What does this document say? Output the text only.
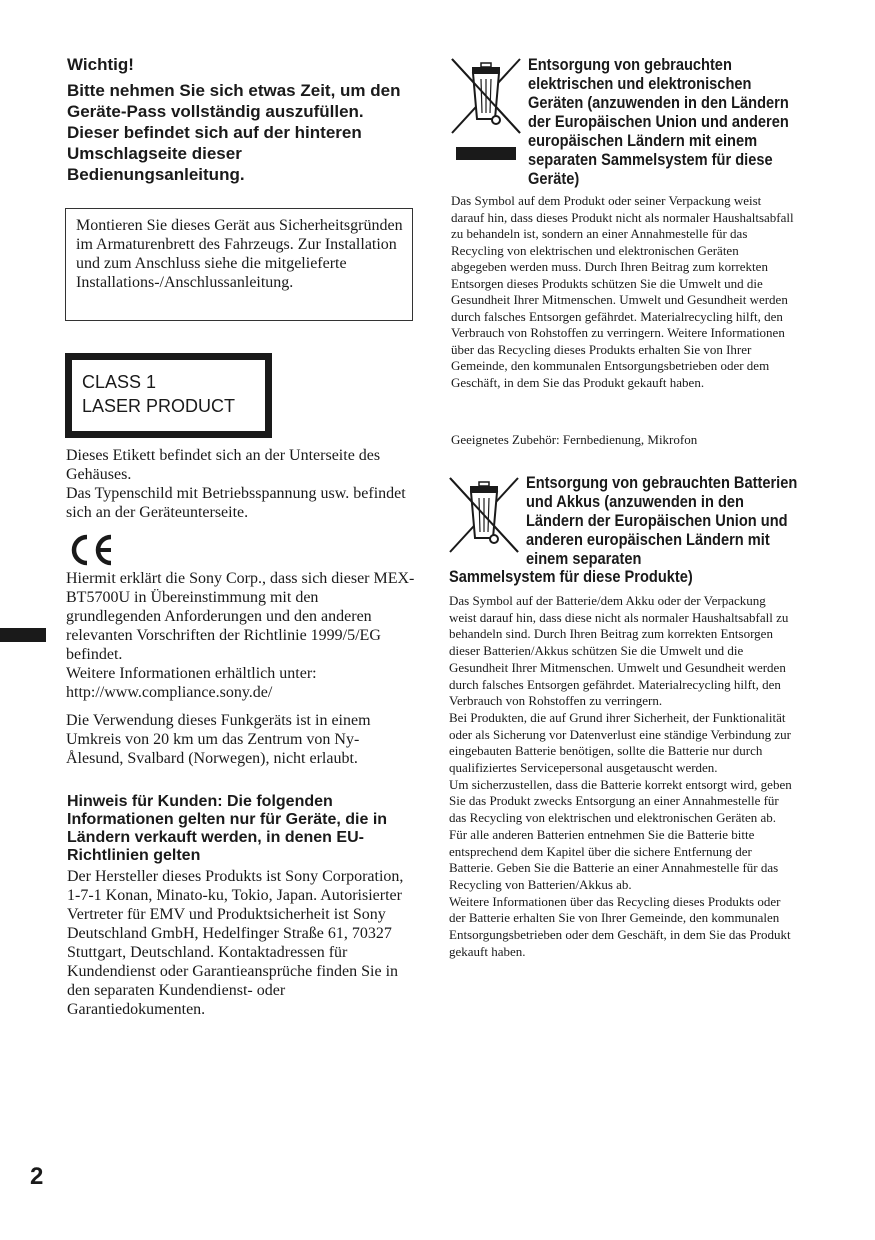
Wichtig!
Bitte nehmen Sie sich etwas Zeit, um den Geräte-Pass vollständig auszufüllen. Dieser befindet sich auf der hinteren Umschlagseite dieser Bedienungsanleitung.
Montieren Sie dieses Gerät aus Sicherheitsgründen im Armaturenbrett des Fahrzeugs. Zur Installation und zum Anschluss siehe die mitgelieferte Installations-/Anschlussanleitung.
CLASS 1
LASER PRODUCT

Dieses Etikett befindet sich an der Unterseite des Gehäuses.

Das Typenschild mit Betriebsspannung usw. befindet sich an der Geräteunterseite.

Hiermit erklärt die Sony Corp., dass sich dieser MEX-BT5700U in Übereinstimmung mit den grundlegenden Anforderungen und den anderen relevanten Vorschriften der Richtlinie 1999/5/EG befindet.

Weitere Informationen erhältlich unter:

http://www.compliance.sony.de/

Die Verwendung dieses Funkgeräts ist in einem Umkreis von 20 km um das Zentrum von Ny-Ålesund, Svalbard (Norwegen), nicht erlaubt.
Hinweis für Kunden: Die folgenden Informationen gelten nur für Geräte, die in Ländern verkauft werden, in denen EU-Richtlinien gelten
Der Hersteller dieses Produkts ist Sony Corporation, 1-7-1 Konan, Minato-ku, Tokio, Japan. Autorisierter Vertreter für EMV und Produktsicherheit ist Sony Deutschland GmbH, Hedelfinger Straße 61, 70327 Stuttgart, Deutschland. Kontaktadressen für Kundendienst oder Garantieansprüche finden Sie in den separaten Kundendienst- oder Garantiedokumenten.
Entsorgung von gebrauchten elektrischen und elektronischen Geräten (anzuwenden in den Ländern der Europäischen Union und anderen europäischen Ländern mit einem separaten Sammelsystem für diese Geräte)
Das Symbol auf dem Produkt oder seiner Verpackung weist darauf hin, dass dieses Produkt nicht als normaler Haushaltsabfall zu behandeln ist, sondern an einer Annahmestelle für das Recycling von elektrischen und elektronischen Geräten abgegeben werden muss. Durch Ihren Beitrag zum korrekten Entsorgen dieses Produkts schützen Sie die Umwelt und die Gesundheit Ihrer Mitmenschen. Umwelt und Gesundheit werden durch falsches Entsorgen gefährdet. Materialrecycling hilft, den Verbrauch von Rohstoffen zu verringern. Weitere Informationen über das Recycling dieses Produkts erhalten Sie von Ihrer Gemeinde, den kommunalen Entsorgungsbetrieben oder dem Geschäft, in dem Sie das Produkt gekauft haben.
Geeignetes Zubehör: Fernbedienung, Mikrofon
Entsorgung von gebrauchten Batterien und Akkus (anzuwenden in den Ländern der Europäischen Union und anderen europäischen Ländern mit einem separaten
Sammelsystem für diese Produkte)

Das Symbol auf der Batterie/dem Akku oder der Verpackung weist darauf hin, dass diese nicht als normaler Haushaltsabfall zu behandeln sind. Durch Ihren Beitrag zum korrekten Entsorgen dieser Batterien/Akkus schützen Sie die Umwelt und die Gesundheit Ihrer Mitmenschen. Umwelt und Gesundheit werden durch falsches Entsorgen gefährdet. Materialrecycling hilft, den Verbrauch von Rohstoffen zu verringern.

Bei Produkten, die auf Grund ihrer Sicherheit, der Funktionalität oder als Sicherung vor Datenverlust eine ständige Verbindung zur eingebauten Batterie benötigen, sollte die Batterie nur durch qualifiziertes Servicepersonal ausgetauscht werden.

Um sicherzustellen, dass die Batterie korrekt entsorgt wird, geben Sie das Produkt zwecks Entsorgung an einer Annahmestelle für das Recycling von elektrischen und elektronischen Geräten ab.

Für alle anderen Batterien entnehmen Sie die Batterie bitte entsprechend dem Kapitel über die sichere Entfernung der Batterie. Geben Sie die Batterie an einer Annahmestelle für das Recycling von Batterien/Akkus ab.

Weitere Informationen über das Recycling dieses Produkts oder der Batterie erhalten Sie von Ihrer Gemeinde, den kommunalen Entsorgungsbetrieben oder dem Geschäft, in dem Sie das Produkt gekauft haben.

2
